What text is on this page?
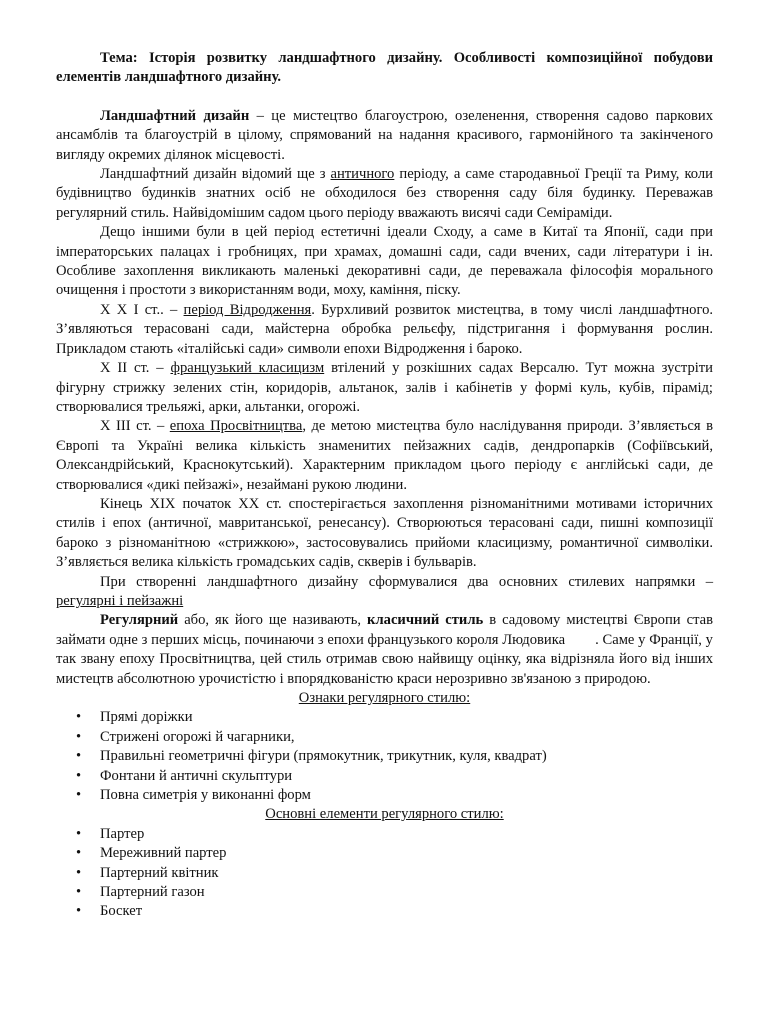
Тема: Історія розвитку ландшафтного дизайну. Особливості композиційної побудови елементів ландшафтного дизайну.

Ландшафтний дизайн – це мистецтво благоустрою, озеленення, створення садово паркових ансамблів та благоустрій в цілому, спрямований на надання красивого, гармонійного та закінченого вигляду окремих ділянок місцевості.

Ландшафтний дизайн відомий ще з античного періоду, а саме стародавньої Греції та Риму, коли будівництво будинків знатних осіб не обходилося без створення саду біля будинку. Переважав регулярний стиль. Найвідомішим садом цього періоду вважають висячі сади Семіраміди.

Дещо іншими були в цей період естетичні ідеали Сходу, а саме в Китаї та Японії, сади при імператорських палацах і гробницях, при храмах, домашні сади, сади вчених, сади літератури і ін. Особливе захоплення викликають маленькі декоративні сади, де переважала філософія морального очищення і простоти з використанням води, моху, каміння, піску.

X X I ст.. – період Відродження. Бурхливий розвиток мистецтва, в тому числі ландшафтного. З’являються терасовані сади, майстерна обробка рельєфу, підстригання і формування рослин. Прикладом стають «італійські сади» символи епохи Відродження і бароко.

X II ст. – французький класицизм втілений у розкішних садах Версалю. Тут можна зустріти фігурну стрижку зелених стін, коридорів, альтанок, залів і кабінетів у формі куль, кубів, пірамід; створювалися трельяжі, арки, альтанки, огорожі.

X III ст. – епоха Просвітництва, де метою мистецтва було наслідування природи. З’являється в Європі та Україні велика кількість знаменитих пейзажних садів, дендропарків (Софіївський, Олександрійський, Краснокутський). Характерним прикладом цього періоду є англійські сади, де створювалися «дикі пейзажі», незаймані рукою людини.

Кінець XIX початок XX ст. спостерігається захоплення різноманітними мотивами історичних стилів і епох (античної, мавританської, ренесансу). Створюються терасовані сади, пишні композиції бароко з різноманітною «стрижкою», застосовувались прийоми класицизму, романтичної символіки. З’являється велика кількість громадських садів, скверів і бульварів.

При створенні ландшафтного дизайну сформувалися два основних стилевих напрямки – регулярні і пейзажні

Регулярний або, як його ще називають, класичний стиль в садовому мистецтві Європи став займати одне з перших місць, починаючи з епохи французького короля Людовика . Саме у Франції, у так звану епоху Просвітництва, цей стиль отримав свою найвищу оцінку, яка відрізняла його від інших мистецтв абсолютною урочистістю і впорядкованістю краси нерозривно зв'язаною з природою.

Ознаки регулярного стилю:

• Прямі доріжки
• Стрижені огорожі й чагарники,
• Правильні геометричні фігури (прямокутник, трикутник, куля, квадрат)
• Фонтани й античні скульптури
• Повна симетрія у виконанні форм

Основні елементи регулярного стилю:

• Партер
• Мереживний партер
• Партерний квітник
• Партерний газон
• Боскет
